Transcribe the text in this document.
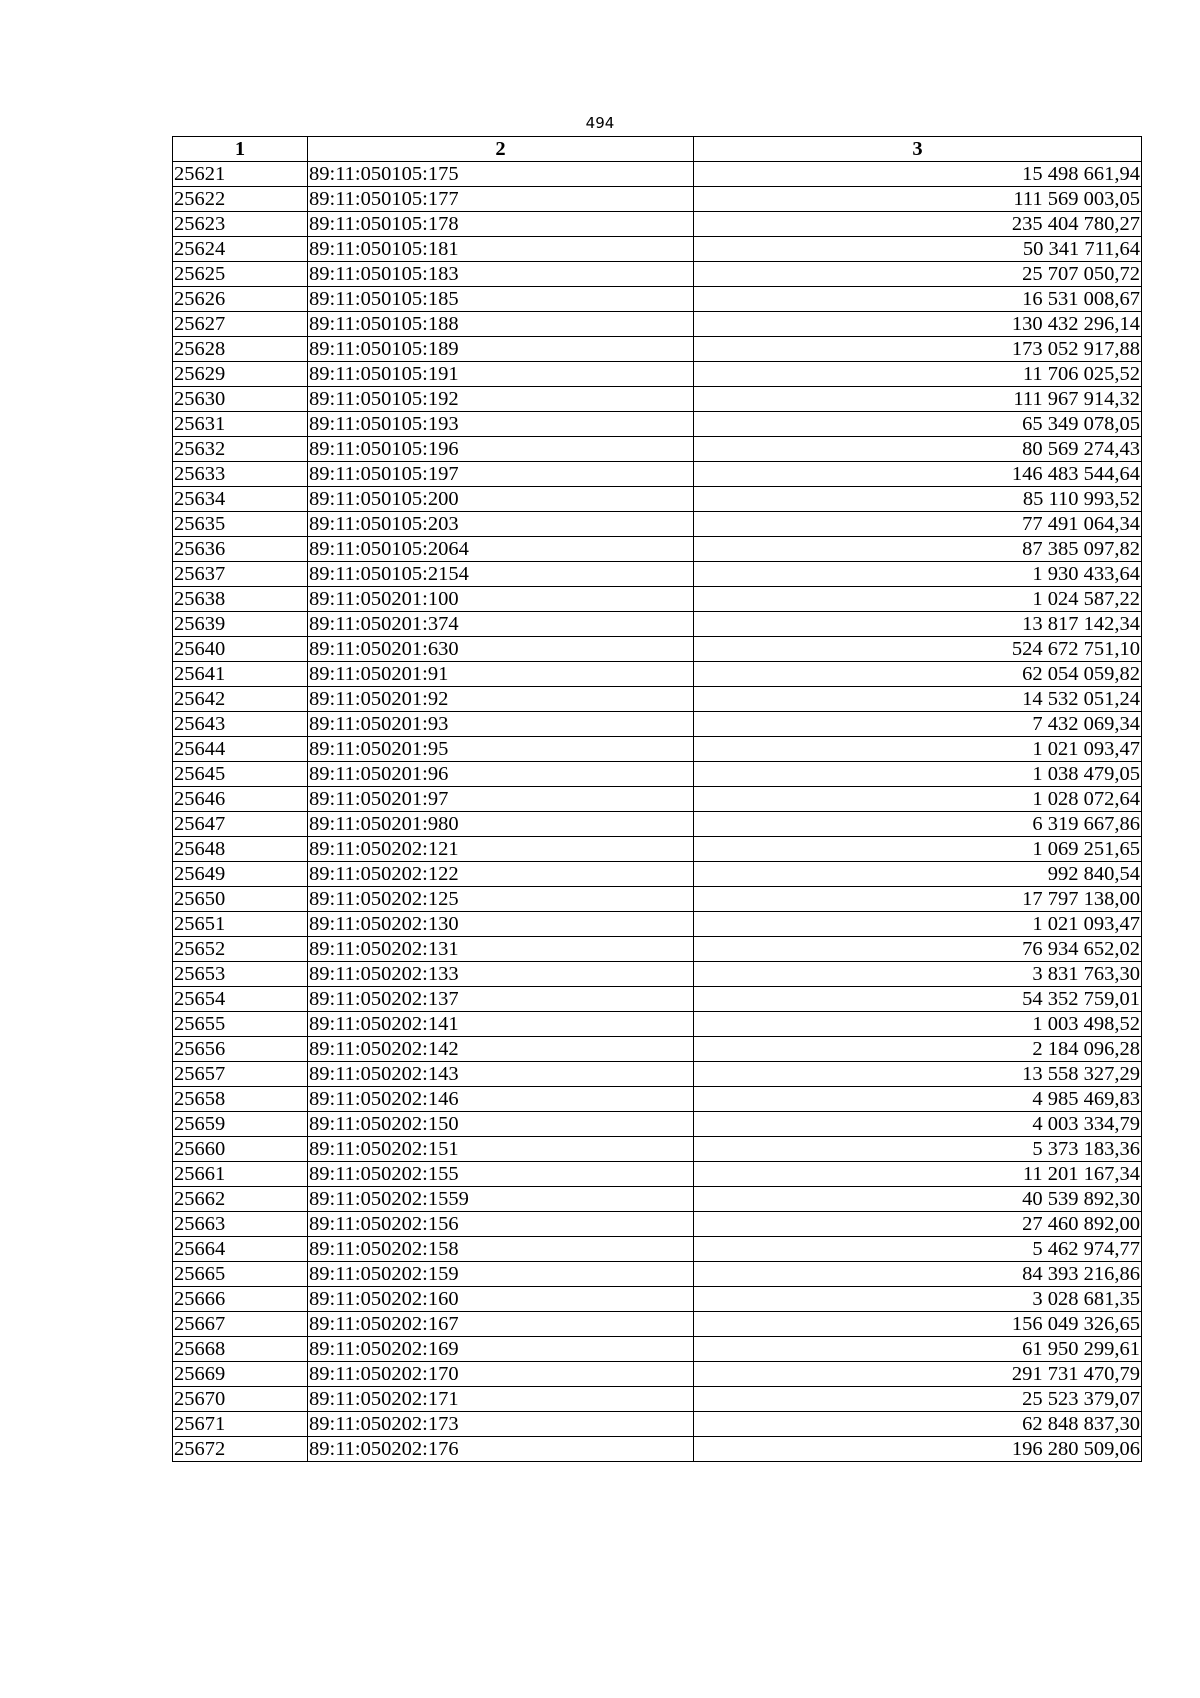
494
1	2	3
25621	89:11:050105:175	15 498 661,94
25622	89:11:050105:177	111 569 003,05
25623	89:11:050105:178	235 404 780,27
25624	89:11:050105:181	50 341 711,64
25625	89:11:050105:183	25 707 050,72
25626	89:11:050105:185	16 531 008,67
25627	89:11:050105:188	130 432 296,14
25628	89:11:050105:189	173 052 917,88
25629	89:11:050105:191	11 706 025,52
25630	89:11:050105:192	111 967 914,32
25631	89:11:050105:193	65 349 078,05
25632	89:11:050105:196	80 569 274,43
25633	89:11:050105:197	146 483 544,64
25634	89:11:050105:200	85 110 993,52
25635	89:11:050105:203	77 491 064,34
25636	89:11:050105:2064	87 385 097,82
25637	89:11:050105:2154	1 930 433,64
25638	89:11:050201:100	1 024 587,22
25639	89:11:050201:374	13 817 142,34
25640	89:11:050201:630	524 672 751,10
25641	89:11:050201:91	62 054 059,82
25642	89:11:050201:92	14 532 051,24
25643	89:11:050201:93	7 432 069,34
25644	89:11:050201:95	1 021 093,47
25645	89:11:050201:96	1 038 479,05
25646	89:11:050201:97	1 028 072,64
25647	89:11:050201:980	6 319 667,86
25648	89:11:050202:121	1 069 251,65
25649	89:11:050202:122	992 840,54
25650	89:11:050202:125	17 797 138,00
25651	89:11:050202:130	1 021 093,47
25652	89:11:050202:131	76 934 652,02
25653	89:11:050202:133	3 831 763,30
25654	89:11:050202:137	54 352 759,01
25655	89:11:050202:141	1 003 498,52
25656	89:11:050202:142	2 184 096,28
25657	89:11:050202:143	13 558 327,29
25658	89:11:050202:146	4 985 469,83
25659	89:11:050202:150	4 003 334,79
25660	89:11:050202:151	5 373 183,36
25661	89:11:050202:155	11 201 167,34
25662	89:11:050202:1559	40 539 892,30
25663	89:11:050202:156	27 460 892,00
25664	89:11:050202:158	5 462 974,77
25665	89:11:050202:159	84 393 216,86
25666	89:11:050202:160	3 028 681,35
25667	89:11:050202:167	156 049 326,65
25668	89:11:050202:169	61 950 299,61
25669	89:11:050202:170	291 731 470,79
25670	89:11:050202:171	25 523 379,07
25671	89:11:050202:173	62 848 837,30
25672	89:11:050202:176	196 280 509,06
